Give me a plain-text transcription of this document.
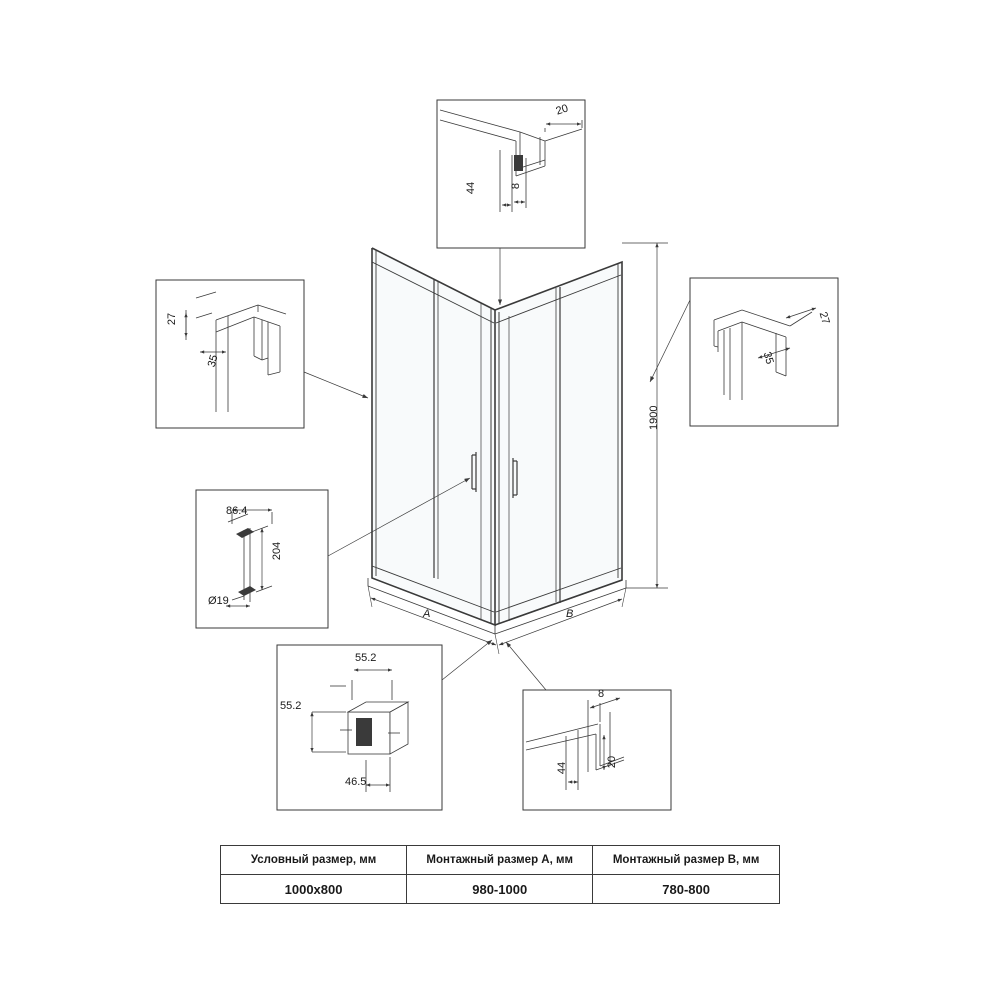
1900
A	B
20
44	8
27
35
27
35
86.4
204
Ø19
55.2
55.2
46.5
8
44	20
Условный размер, мм	Монтажный размер A, мм	Монтажный размер B, мм
1000x800	980-1000	780-800
